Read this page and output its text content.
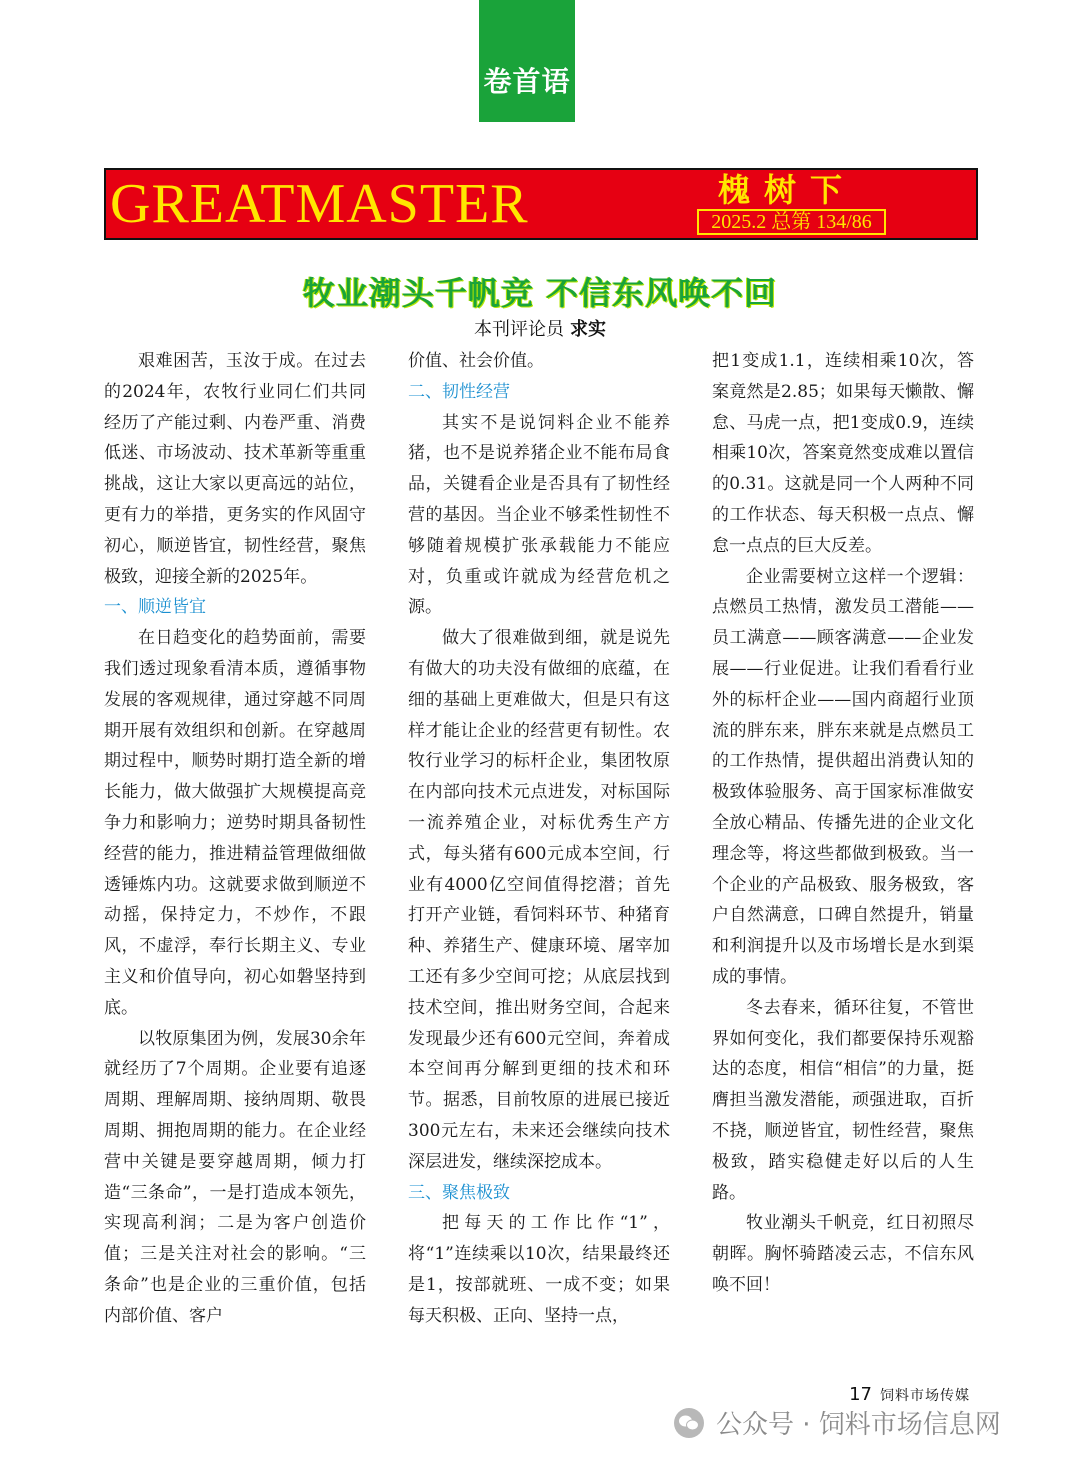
卷首语
GREATMASTER	槐树下
2025.2 总第 134/86
牧业潮头千帆竞 不信东风唤不回
本刊评论员 求实

艰难困苦，玉汝于成。在过去的2024年，农牧行业同仁们共同经历了产能过剩、内卷严重、消费低迷、市场波动、技术革新等重重挑战，这让大家以更高远的站位，更有力的举措，更务实的作风固守初心，顺逆皆宜，韧性经营，聚焦极致，迎接全新的2025年。

一、顺逆皆宜

在日趋变化的趋势面前，需要我们透过现象看清本质，遵循事物发展的客观规律，通过穿越不同周期开展有效组织和创新。在穿越周期过程中，顺势时期打造全新的增长能力，做大做强扩大规模提高竞争力和影响力；逆势时期具备韧性经营的能力，推进精益管理做细做透锤炼内功。这就要求做到顺逆不动摇，保持定力，不炒作，不跟风，不虚浮，奉行长期主义、专业主义和价值导向，初心如磐坚持到底。

以牧原集团为例，发展30余年就经历了7个周期。企业要有追逐周期、理解周期、接纳周期、敬畏周期、拥抱周期的能力。在企业经营中关键是要穿越周期，倾力打造“三条命”，一是打造成本领先，实现高利润；二是为客户创造价值；三是关注对社会的影响。“三条命”也是企业的三重价值，包括内部价值、客户

价值、社会价值。

二、韧性经营

其实不是说饲料企业不能养猪，也不是说养猪企业不能布局食品，关键看企业是否具有了韧性经营的基因。当企业不够柔性韧性不够随着规模扩张承载能力不能应对，负重或许就成为经营危机之源。

做大了很难做到细，就是说先有做大的功夫没有做细的底蕴，在细的基础上更难做大，但是只有这样才能让企业的经营更有韧性。农牧行业学习的标杆企业，集团牧原在内部向技术元点进发，对标国际一流养殖企业，对标优秀生产方式，每头猪有600元成本空间，行业有4000亿空间值得挖潜；首先打开产业链，看饲料环节、种猪育种、养猪生产、健康环境、屠宰加工还有多少空间可挖；从底层找到技术空间，推出财务空间，合起来发现最少还有600元空间，奔着成本空间再分解到更细的技术和环节。据悉，目前牧原的进展已接近300元左右，未来还会继续向技术深层进发，继续深挖成本。

三、聚焦极致

把每天的工作比作“1”，将“1”连续乘以10次，结果最终还是1，按部就班、一成不变；如果每天积极、正向、坚持一点，

把1变成1.1，连续相乘10次，答案竟然是2.85；如果每天懒散、懈怠、马虎一点，把1变成0.9，连续相乘10次，答案竟然变成难以置信的0.31。这就是同一个人两种不同的工作状态、每天积极一点点、懈怠一点点的巨大反差。

企业需要树立这样一个逻辑：点燃员工热情，激发员工潜能——员工满意——顾客满意——企业发展——行业促进。让我们看看行业外的标杆企业——国内商超行业顶流的胖东来，胖东来就是点燃员工的工作热情，提供超出消费认知的极致体验服务、高于国家标准做安全放心精品、传播先进的企业文化理念等，将这些都做到极致。当一个企业的产品极致、服务极致，客户自然满意，口碑自然提升，销量和利润提升以及市场增长是水到渠成的事情。

冬去春来，循环往复，不管世界如何变化，我们都要保持乐观豁达的态度，相信“相信”的力量，挺膺担当激发潜能，顽强进取，百折不挠，顺逆皆宜，韧性经营，聚焦极致，踏实稳健走好以后的人生路。

牧业潮头千帆竞，红日初照尽朝晖。胸怀骑踏凌云志，不信东风唤不回！

17 饲料市场传媒
公众号 · 饲料市场信息网
